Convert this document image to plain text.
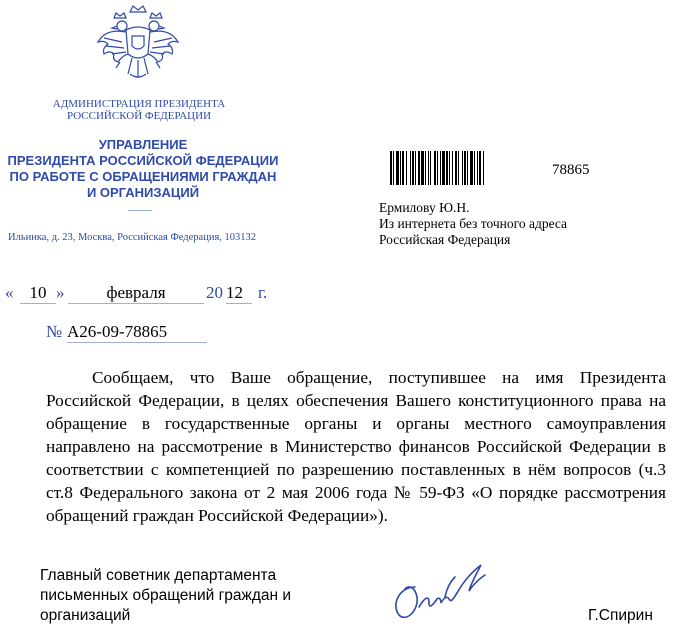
АДМИНИСТРАЦИЯ ПРЕЗИДЕНТА
РОССИЙСКОЙ ФЕДЕРАЦИИ
УПРАВЛЕНИЕ
ПРЕЗИДЕНТА РОССИЙСКОЙ ФЕДЕРАЦИИ
ПО РАБОТЕ С ОБРАЩЕНИЯМИ ГРАЖДАН
И ОРГАНИЗАЦИЙ
Ильинка, д. 23, Москва, Российская Федерация, 103132
78865
Ермилову Ю.Н.
Из интернета без точного адреса
Российская Федерация
« 10 »	февраля	20 12 г.
№ А26-09-78865

Сообщаем, что Ваше обращение, поступившее на имя Президента Российской Федерации, в целях обеспечения Вашего конституционного права на обращение в государственные органы и органы местного самоуправления направлено на рассмотрение в Министерство финансов Российской Федерации в соответствии с компетенцией по разрешению поставленных в нём вопросов (ч.3 ст.8 Федерального закона от 2 мая 2006 года № 59-ФЗ «О порядке рассмотрения обращений граждан Российской Федерации»).

Главный советник департамента
письменных обращений граждан и
организаций	Г.Спирин
